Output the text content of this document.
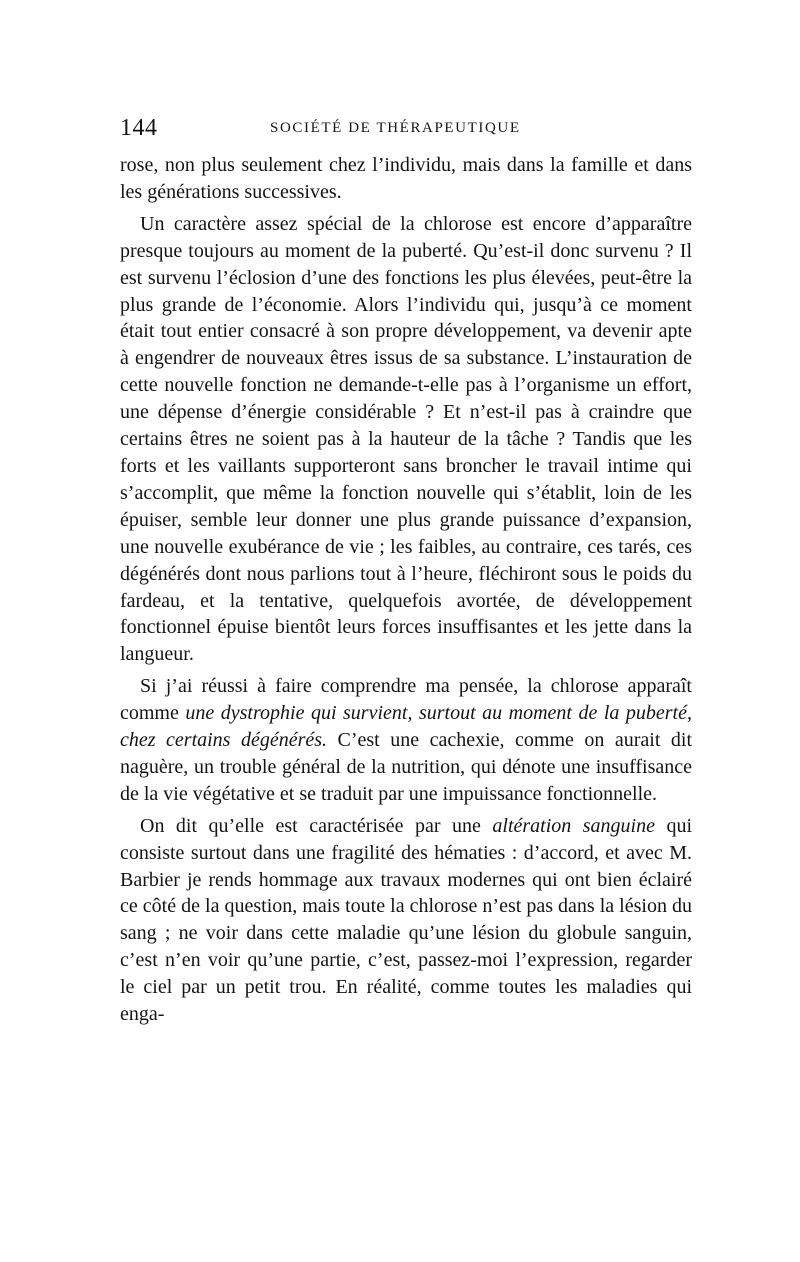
144	SOCIÉTÉ DE THÉRAPEUTIQUE

rose, non plus seulement chez l’individu, mais dans la famille et dans les générations successives.

Un caractère assez spécial de la chlorose est encore d’apparaître presque toujours au moment de la puberté. Qu’est-il donc survenu ? Il est survenu l’éclosion d’une des fonctions les plus élevées, peut-être la plus grande de l’économie. Alors l’individu qui, jusqu’à ce moment était tout entier consacré à son propre développement, va devenir apte à engendrer de nouveaux êtres issus de sa substance. L’instauration de cette nouvelle fonction ne demande-t-elle pas à l’organisme un effort, une dépense d’énergie considérable ? Et n’est-il pas à craindre que certains êtres ne soient pas à la hauteur de la tâche ? Tandis que les forts et les vaillants supporteront sans broncher le travail intime qui s’accomplit, que même la fonction nouvelle qui s’établit, loin de les épuiser, semble leur donner une plus grande puissance d’expansion, une nouvelle exubérance de vie ; les faibles, au contraire, ces tarés, ces dégénérés dont nous parlions tout à l’heure, fléchiront sous le poids du fardeau, et la tentative, quelquefois avortée, de développement fonctionnel épuise bientôt leurs forces insuffisantes et les jette dans la langueur.

Si j’ai réussi à faire comprendre ma pensée, la chlorose apparaît comme une dystrophie qui survient, surtout au moment de la puberté, chez certains dégénérés. C’est une cachexie, comme on aurait dit naguère, un trouble général de la nutrition, qui dénote une insuffisance de la vie végétative et se traduit par une impuissance fonctionnelle.

On dit qu’elle est caractérisée par une altération sanguine qui consiste surtout dans une fragilité des hématies : d’accord, et avec M. Barbier je rends hommage aux travaux modernes qui ont bien éclairé ce côté de la question, mais toute la chlorose n’est pas dans la lésion du sang ; ne voir dans cette maladie qu’une lésion du globule sanguin, c’est n’en voir qu’une partie, c’est, passez-moi l’expression, regarder le ciel par un petit trou. En réalité, comme toutes les maladies qui enga-
